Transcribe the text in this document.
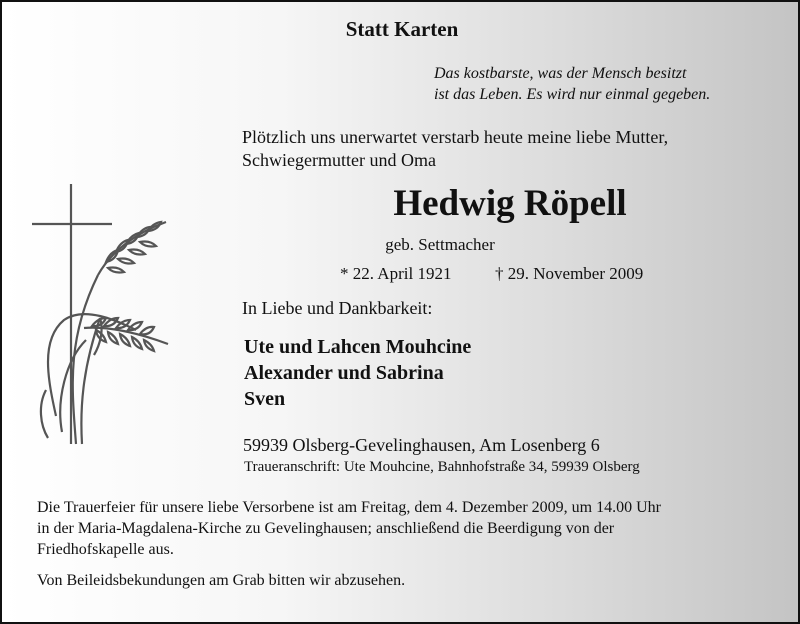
Statt Karten
Das kostbarste, was der Mensch besitzt
ist das Leben. Es wird nur einmal gegeben.
Plötzlich uns unerwartet verstarb heute meine liebe Mutter,
Schwiegermutter und Oma
Hedwig Röpell
geb. Settmacher
* 22. April 1921	† 29. November 2009
In Liebe und Dankbarkeit:
Ute und Lahcen Mouhcine
Alexander und Sabrina
Sven
59939 Olsberg-Gevelinghausen, Am Losenberg 6
Traueranschrift: Ute Mouhcine, Bahnhofstraße 34, 59939 Olsberg
Die Trauerfeier für unsere liebe Versorbene ist am Freitag, dem 4. Dezember 2009, um 14.00 Uhr
in der Maria-Magdalena-Kirche zu Gevelinghausen; anschließend die Beerdigung von der
Friedhofskapelle aus.
Von Beileidsbekundungen am Grab bitten wir abzusehen.
